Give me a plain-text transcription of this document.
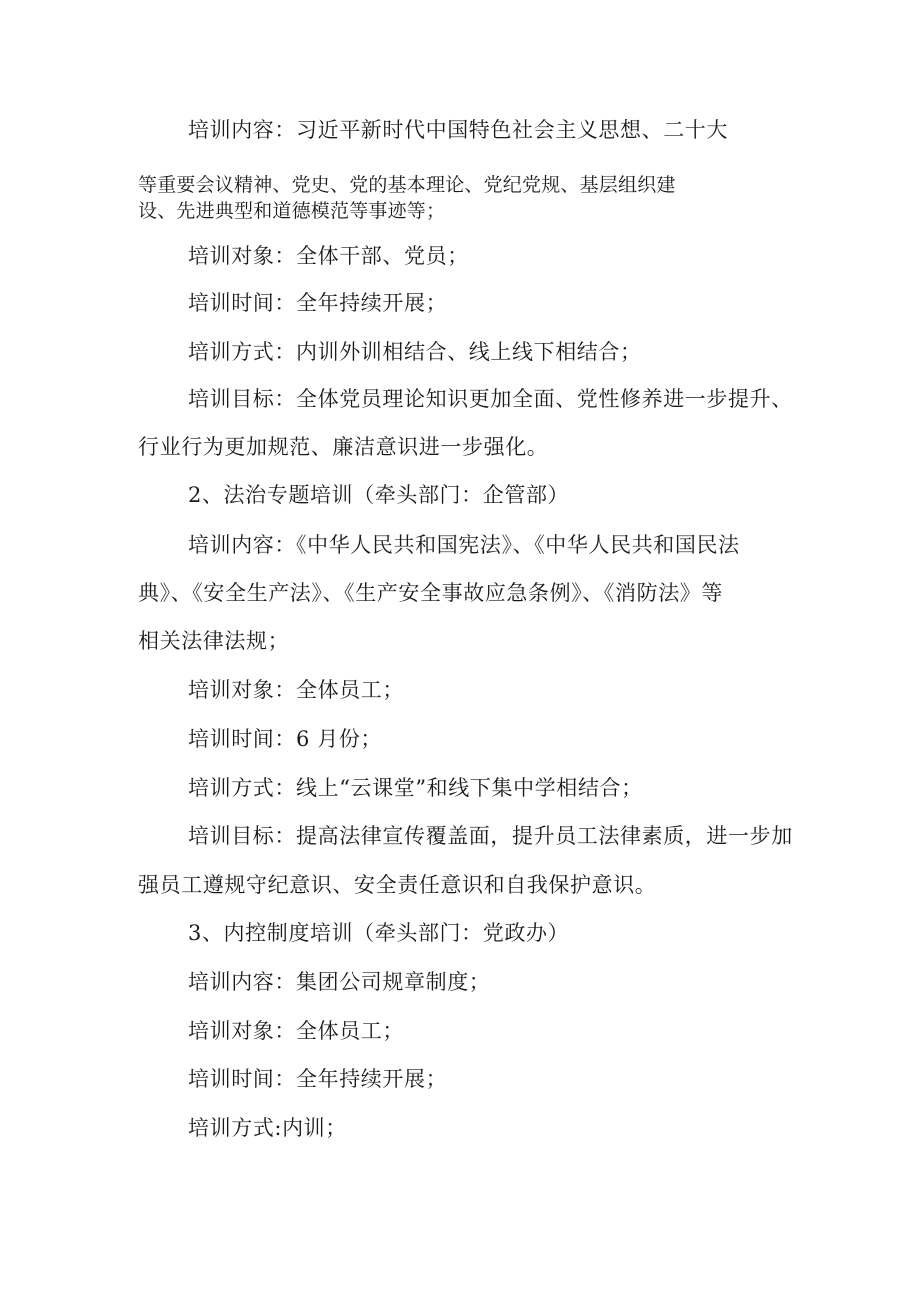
培训内容：习近平新时代中国特色社会主义思想、二十大
等重要会议精神、党史、党的基本理论、党纪党规、基层组织建
设、先进典型和道德模范等事迹等；
培训对象：全体干部、党员；
培训时间：全年持续开展；
培训方式：内训外训相结合、线上线下相结合；
培训目标：全体党员理论知识更加全面、党性修养进一步提升、
行业行为更加规范、廉洁意识进一步强化。
2、法治专题培训（牵头部门：企管部）
培训内容：《中华人民共和国宪法》、《中华人民共和国民法
典》、《安全生产法》、《生产安全事故应急条例》、《消防法》等
相关法律法规；
培训对象：全体员工；
培训时间：6 月份；
培训方式：线上“云课堂”和线下集中学相结合；
培训目标：提高法律宣传覆盖面，提升员工法律素质，进一步加
强员工遵规守纪意识、安全责任意识和自我保护意识。
3、内控制度培训（牵头部门：党政办）
培训内容：集团公司规章制度；
培训对象：全体员工；
培训时间：全年持续开展；
培训方式:内训；
